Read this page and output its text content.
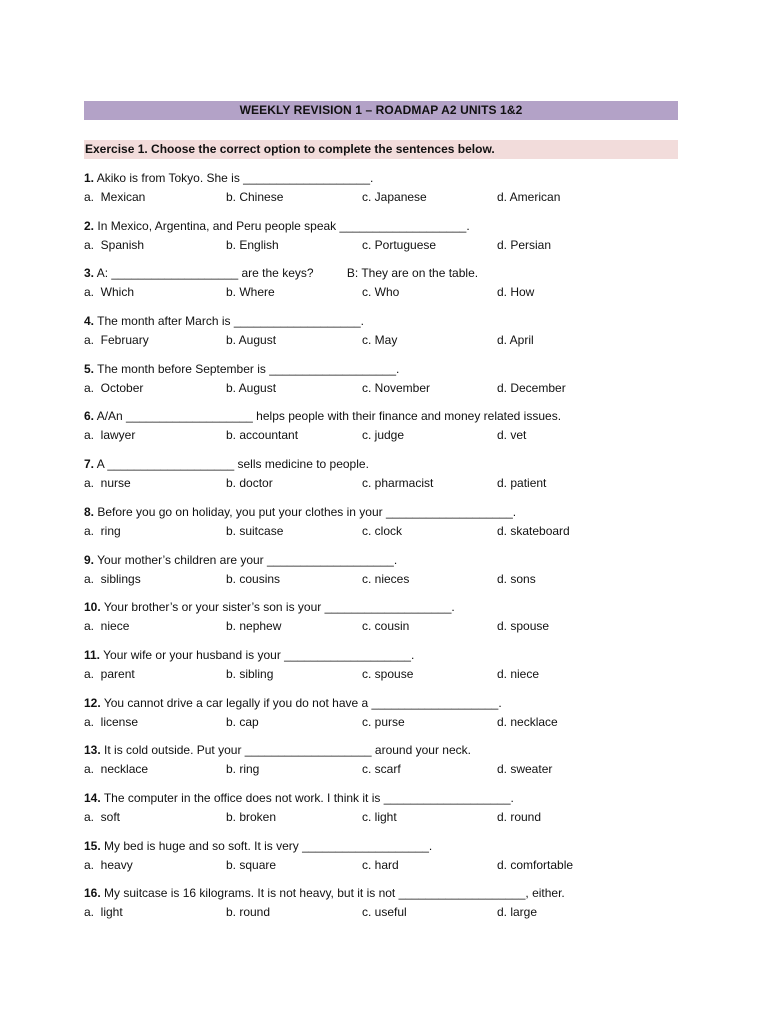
WEEKLY REVISION 1 – ROADMAP A2 UNITS 1&2
Exercise 1. Choose the correct option to complete the sentences below.
1. Akiko is from Tokyo. She is ___________________.
a.  Mexican	b. Chinese	c. Japanese	d. American
2. In Mexico, Argentina, and Peru people speak ___________________.
a.  Spanish	b. English	c. Portuguese	d. Persian
3. A: ___________________ are the keys?          B: They are on the table.
a.  Which	b. Where	c. Who	d. How
4. The month after March is ___________________.
a.  February	b. August	c. May	d. April
5. The month before September is ___________________.
a.  October	b. August	c. November	d. December
6. A/An ___________________ helps people with their finance and money related issues.
a.  lawyer	b. accountant	c. judge	d. vet
7. A ___________________ sells medicine to people.
a.  nurse	b. doctor	c. pharmacist	d. patient
8. Before you go on holiday, you put your clothes in your ___________________.
a.  ring	b. suitcase	c. clock	d. skateboard
9. Your mother’s children are your ___________________.
a.  siblings	b. cousins	c. nieces	d. sons
10. Your brother’s or your sister’s son is your ___________________.
a.  niece	b. nephew	c. cousin	d. spouse
11. Your wife or your husband is your ___________________.
a.  parent	b. sibling	c. spouse	d. niece
12. You cannot drive a car legally if you do not have a ___________________.
a.  license	b. cap	c. purse	d. necklace
13. It is cold outside. Put your ___________________ around your neck.
a.  necklace	b. ring	c. scarf	d. sweater
14. The computer in the office does not work. I think it is ___________________.
a.  soft	b. broken	c. light	d. round
15. My bed is huge and so soft. It is very ___________________.
a.  heavy	b. square	c. hard	d. comfortable
16. My suitcase is 16 kilograms. It is not heavy, but it is not ___________________, either.
a.  light	b. round	c. useful	d. large
